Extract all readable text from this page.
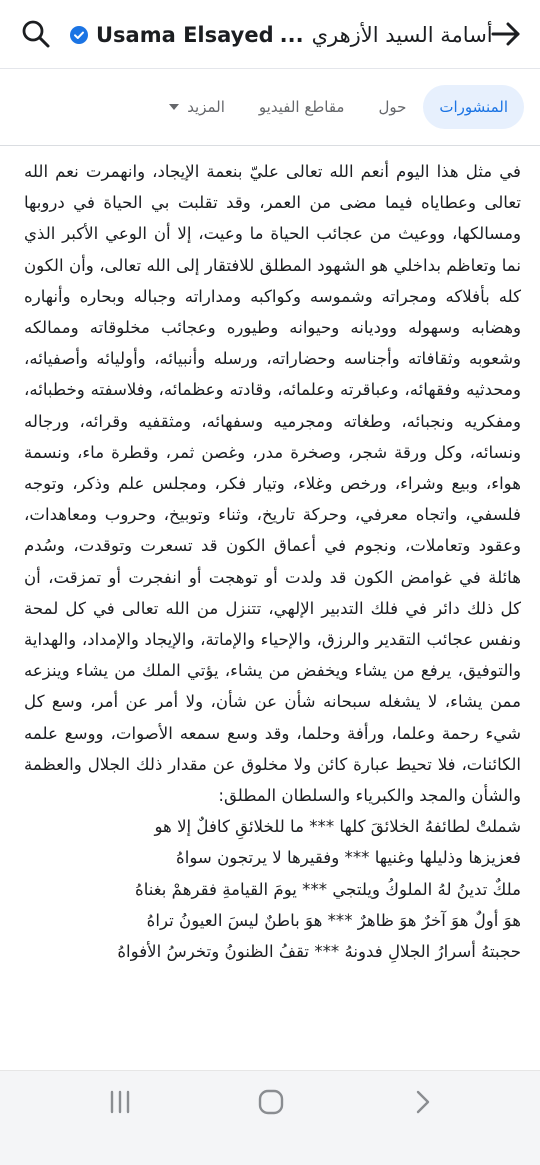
Usama Elsayed ... أسامة السيد الأزهري
المنشورات
حول
مقاطع الفيديو
المزيد

في مثل هذا اليوم أنعم الله تعالى عليّ بنعمة الإيجاد، وانهمرت نعم الله تعالى وعطاياه فيما مضى من العمر، وقد تقلبت بي الحياة في دروبها ومسالكها، ووعيث من عجائب الحياة ما وعيت، إلا أن الوعي الأكبر الذي نما وتعاظم بداخلي هو الشهود المطلق للافتقار إلى الله تعالى، وأن الكون كله بأفلاكه ومجراته وشموسه وكواكبه ومداراته وجباله وبحاره وأنهاره وهضابه وسهوله ووديانه وحيوانه وطيوره وعجائب مخلوقاته وممالكه وشعوبه وثقافاته وأجناسه وحضاراته، ورسله وأنبيائه، وأوليائه وأصفيائه، ومحدثيه وفقهائه، وعباقرته وعلمائه، وقادته وعظمائه، وفلاسفته وخطبائه، ومفكريه ونجبائه، وطغاته ومجرميه وسفهائه، ومثقفيه وقرائه، ورجاله ونسائه، وكل ورقة شجر، وصخرة مدر، وغصن ثمر، وقطرة ماء، ونسمة هواء، وبيع وشراء، ورخص وغلاء، وتيار فكر، ومجلس علم وذكر، وتوجه فلسفي، واتجاه معرفي، وحركة تاريخ، وثناء وتوبيخ، وحروب ومعاهدات، وعقود وتعاملات، ونجوم في أعماق الكون قد تسعرت وتوقدت، وسُدم هائلة في غوامض الكون قد ولدت أو توهجت أو انفجرت أو تمزقت، أن كل ذلك دائر في فلك التدبير الإلهي، تتنزل من الله تعالى في كل لمحة ونفس عجائب التقدير والرزق، والإحياء والإماتة، والإيجاد والإمداد، والهداية والتوفيق، يرفع من يشاء ويخفض من يشاء، يؤتي الملك من يشاء وينزعه ممن يشاء، لا يشغله سبحانه شأن عن شأن، ولا أمر عن أمر، وسع كل شيء رحمة وعلما، ورأفة وحلما، وقد وسع سمعه الأصوات، ووسع علمه الكائنات، فلا تحيط عبارة كائن ولا مخلوق عن مقدار ذلك الجلال والعظمة والشأن والمجد والكبرياء والسلطان المطلق:

شملتْ لطائفهُ الخلائقَ كلها *** ما للخلائقِ كافلٌ إلا هو

فعزيزها وذليلها وغنيها *** وفقيرها لا يرتجون سواهُ

ملكٌ تدينُ لهُ الملوكُ ويلتجي *** يومَ القيامةِ فقرهمْ بغناهُ

هوَ أولٌ هوَ آخرٌ هوَ ظاهرٌ *** هوَ باطنٌ ليسَ العيونُ تراهُ

حجبتهُ أسرارُ الجلالِ فدونهُ *** تقفُ الظنونُ وتخرسُ الأفواهُ
